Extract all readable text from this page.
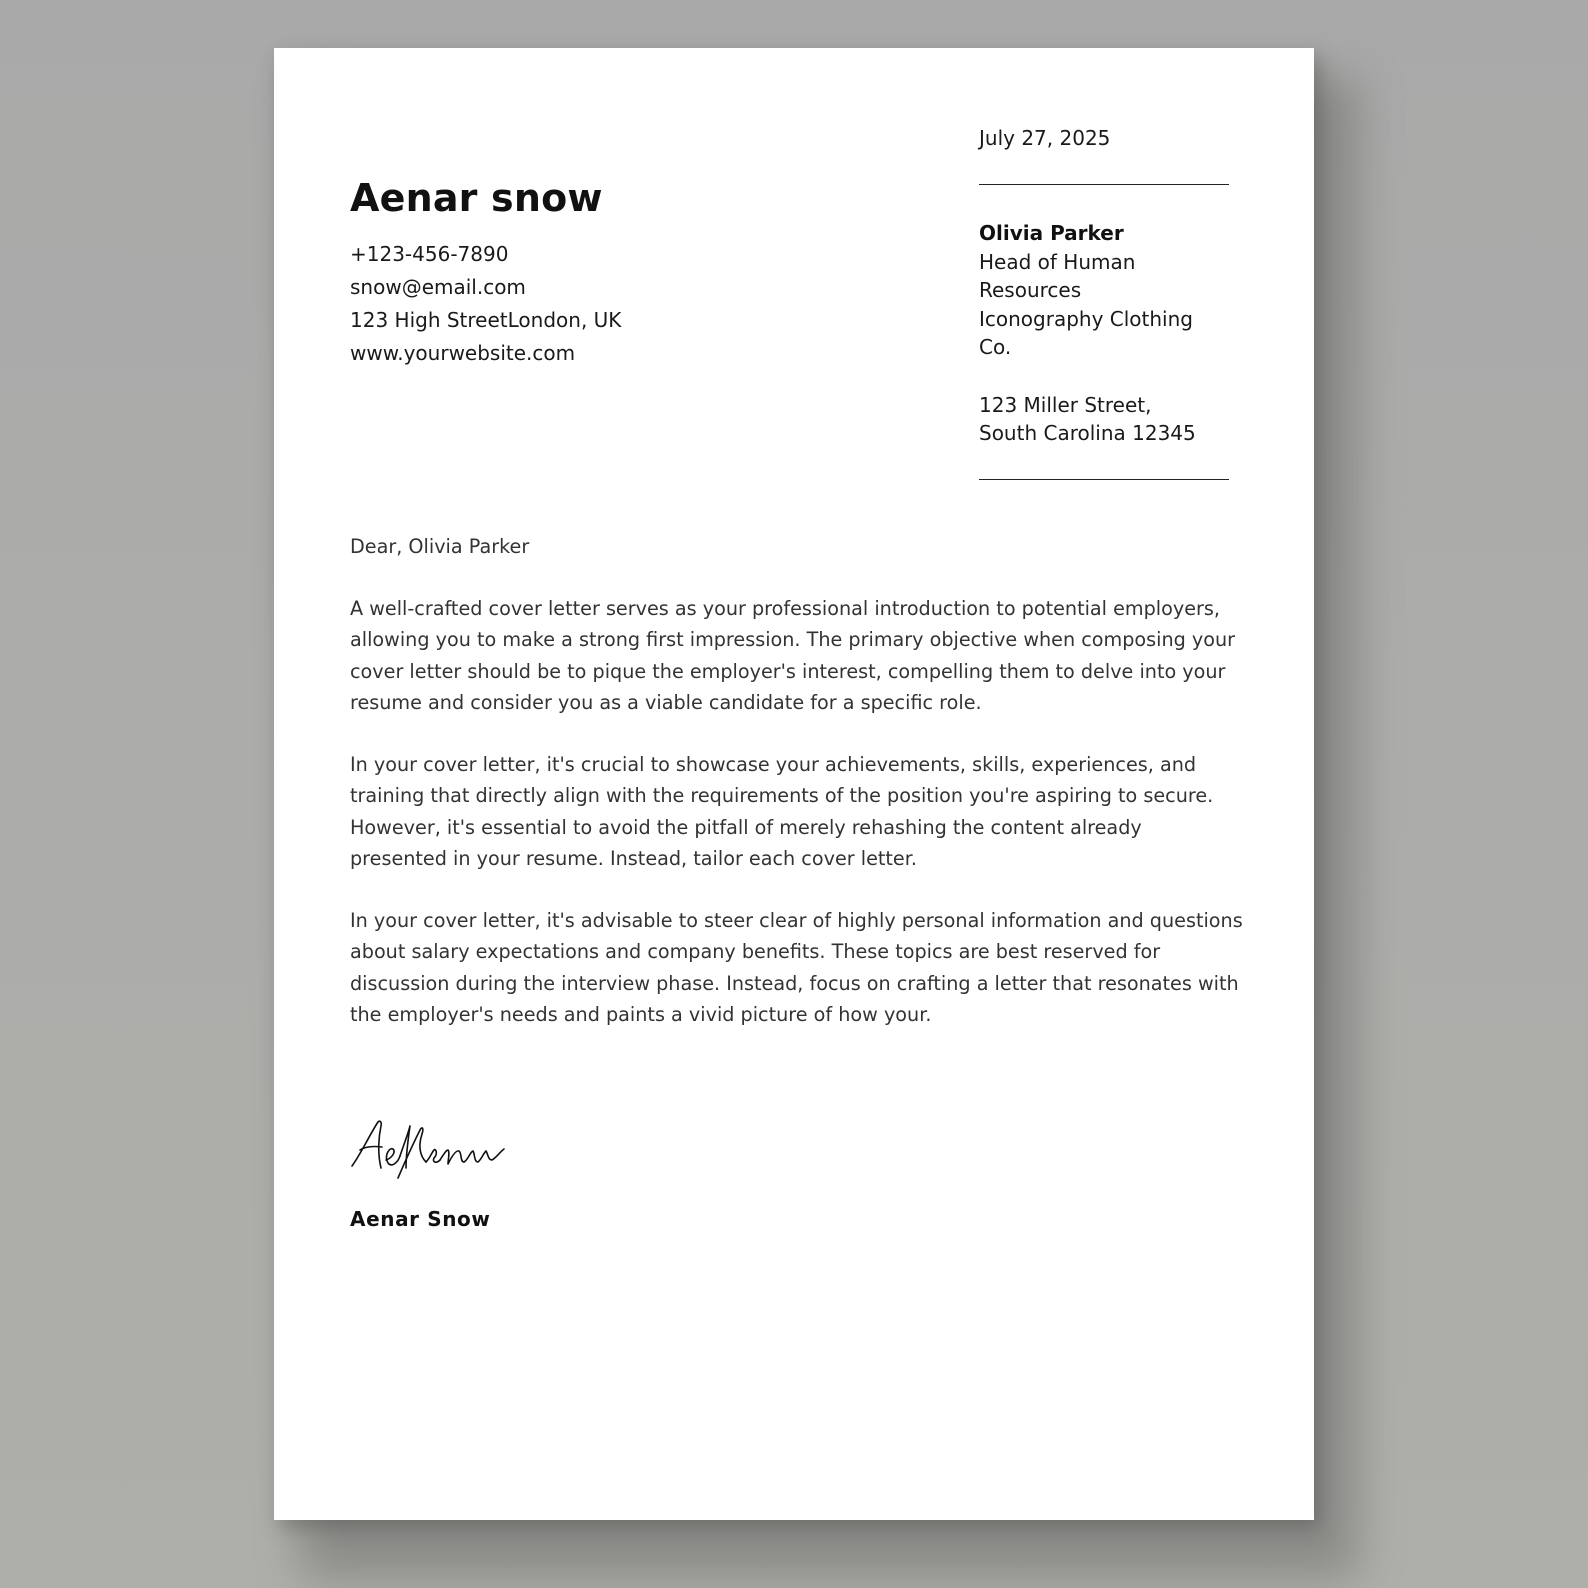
Aenar snow
+123-456-7890
snow@email.com
123 High StreetLondon, UK
www.yourwebsite.com
July 27, 2025
Olivia Parker
Head of Human
Resources
Iconography Clothing Co.
123 Miller Street,
South Carolina 12345

Dear, Olivia Parker

A well-crafted cover letter serves as your professional introduction to potential employers,
allowing you to make a strong first impression. The primary objective when composing your
cover letter should be to pique the employer's interest, compelling them to delve into your
resume and consider you as a viable candidate for a specific role.

In your cover letter, it's crucial to showcase your achievements, skills, experiences, and
training that directly align with the requirements of the position you're aspiring to secure.
However, it's essential to avoid the pitfall of merely rehashing the content already
presented in your resume. Instead, tailor each cover letter.

In your cover letter, it's advisable to steer clear of highly personal information and questions
about salary expectations and company benefits. These topics are best reserved for
discussion during the interview phase. Instead, focus on crafting a letter that resonates with
the employer's needs and paints a vivid picture of how your.

Aenar Snow
